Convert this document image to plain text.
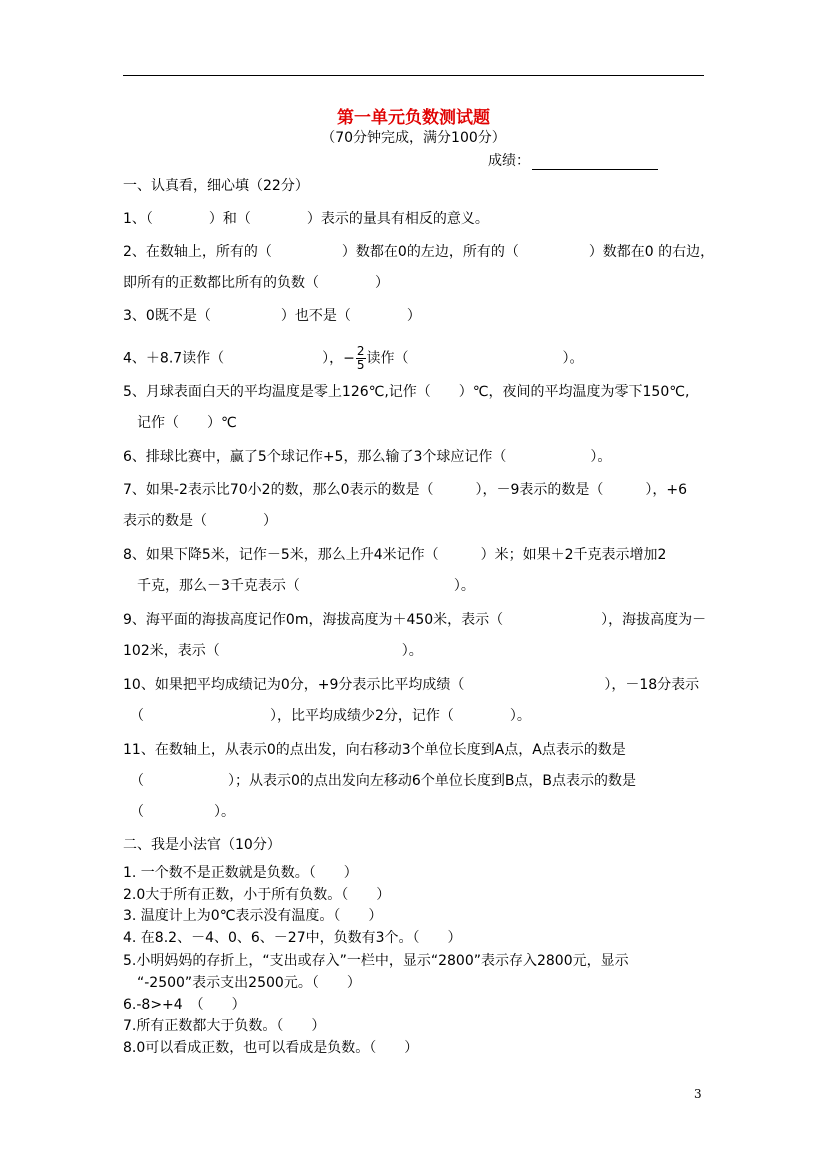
第一单元负数测试题
（70分钟完成，满分100分）
成绩：
一、认真看，细心填（22分）
1、（　　　　）和（　　　　）表示的量具有相反的意义。
2、在数轴上，所有的（　　　　　）数都在0的左边，所有的（　　　　　）数都在0 的右边，
即所有的正数都比所有的负数（　　　　）
3、0既不是（　　　　　）也不是（　　　　）
4、＋8.7读作（　　　　　　　），− $\frac{2}{5}$ 读作（　　　　　　　　　　　）。
5、月球表面白天的平均温度是零上126℃,记作（　　）℃，夜间的平均温度为零下150℃,
　记作（　　）℃
6、排球比赛中，赢了5个球记作+5，那么输了3个球应记作（　　　　　　）。
7、如果-2表示比70小2的数，那么0表示的数是（　　　），－9表示的数是（　　　），+6
表示的数是（　　　　）
8、如果下降5米，记作－5米，那么上升4米记作（　　　）米；如果＋2千克表示增加2
　千克，那么－3千克表示（　　　　　　　　　　　）。
9、海平面的海拔高度记作0m，海拔高度为＋450米，表示（　　　　　　　），海拔高度为－
102米，表示（　　　　　　　　　　　　　）。
10、如果把平均成绩记为0分，+9分表示比平均成绩（　　　　　　　　　　），－18分表示
　（　　　　　　　　　），比平均成绩少2分，记作（　　　　）。
11、在数轴上，从表示0的点出发，向右移动3个单位长度到A点，A点表示的数是
　（　　　　　　）；从表示0的点出发向左移动6个单位长度到B点，B点表示的数是
　（　　　　　）。
二、我是小法官（10分）
1. 一个数不是正数就是负数。（　　）
2.0大于所有正数，小于所有负数。（　　）
3. 温度计上为0℃表示没有温度。（　　）
4. 在8.2、－4、0、6、－27中，负数有3个。（　　）
5.小明妈妈的存折上，“支出或存入”一栏中，显示“2800”表示存入2800元，显示
　“-2500”表示支出2500元。（　　）
6.-8>+4　（　　）
7.所有正数都大于负数。（　　）
8.0可以看成正数，也可以看成是负数。（　　）
3
